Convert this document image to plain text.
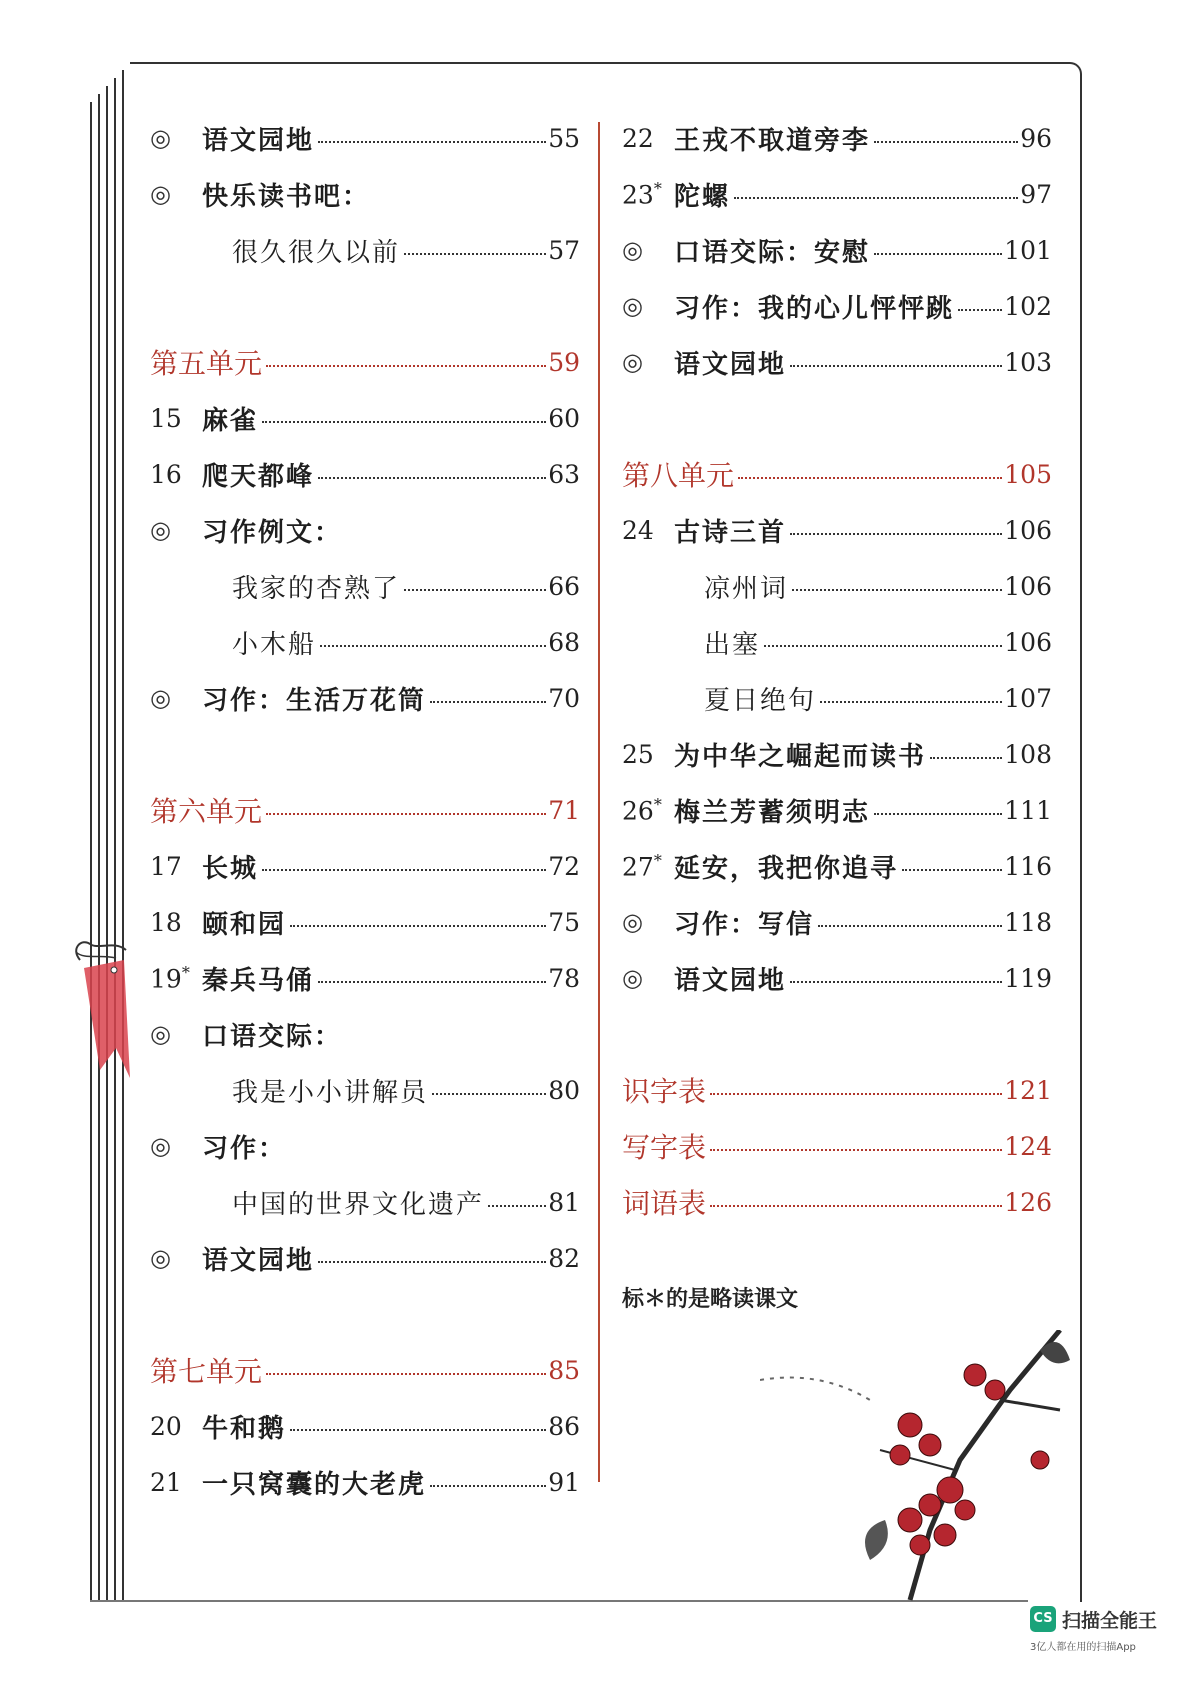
◎	语文园地	55
◎	快乐读书吧：
很久很久以前	57
第五单元	59
15 麻雀	60
16 爬天都峰	63
◎	习作例文：
我家的杏熟了	66
小木船	68
◎	习作：生活万花筒	70
第六单元	71
17 长城	72
18 颐和园	75
19* 秦兵马俑	78
◎	口语交际：
我是小小讲解员	80
◎	习作：
中国的世界文化遗产	81
◎	语文园地	82
第七单元	85
20 牛和鹅	86
21 一只窝囊的大老虎	91
22 王戎不取道旁李	96
23* 陀螺	97
◎	口语交际：安慰	101
◎	习作：我的心儿怦怦跳 102
◎	语文园地	103
第八单元	105
24 古诗三首	106
凉州词	106
出塞	106
夏日绝句	107
25 为中华之崛起而读书	108
26* 梅兰芳蓄须明志	111
27* 延安，我把你追寻	116
◎	习作：写信	118
◎	语文园地	119
识字表	121
写字表	124
词语表	126
标＊的是略读课文
CS 扫描全能王
3亿人都在用的扫描App
